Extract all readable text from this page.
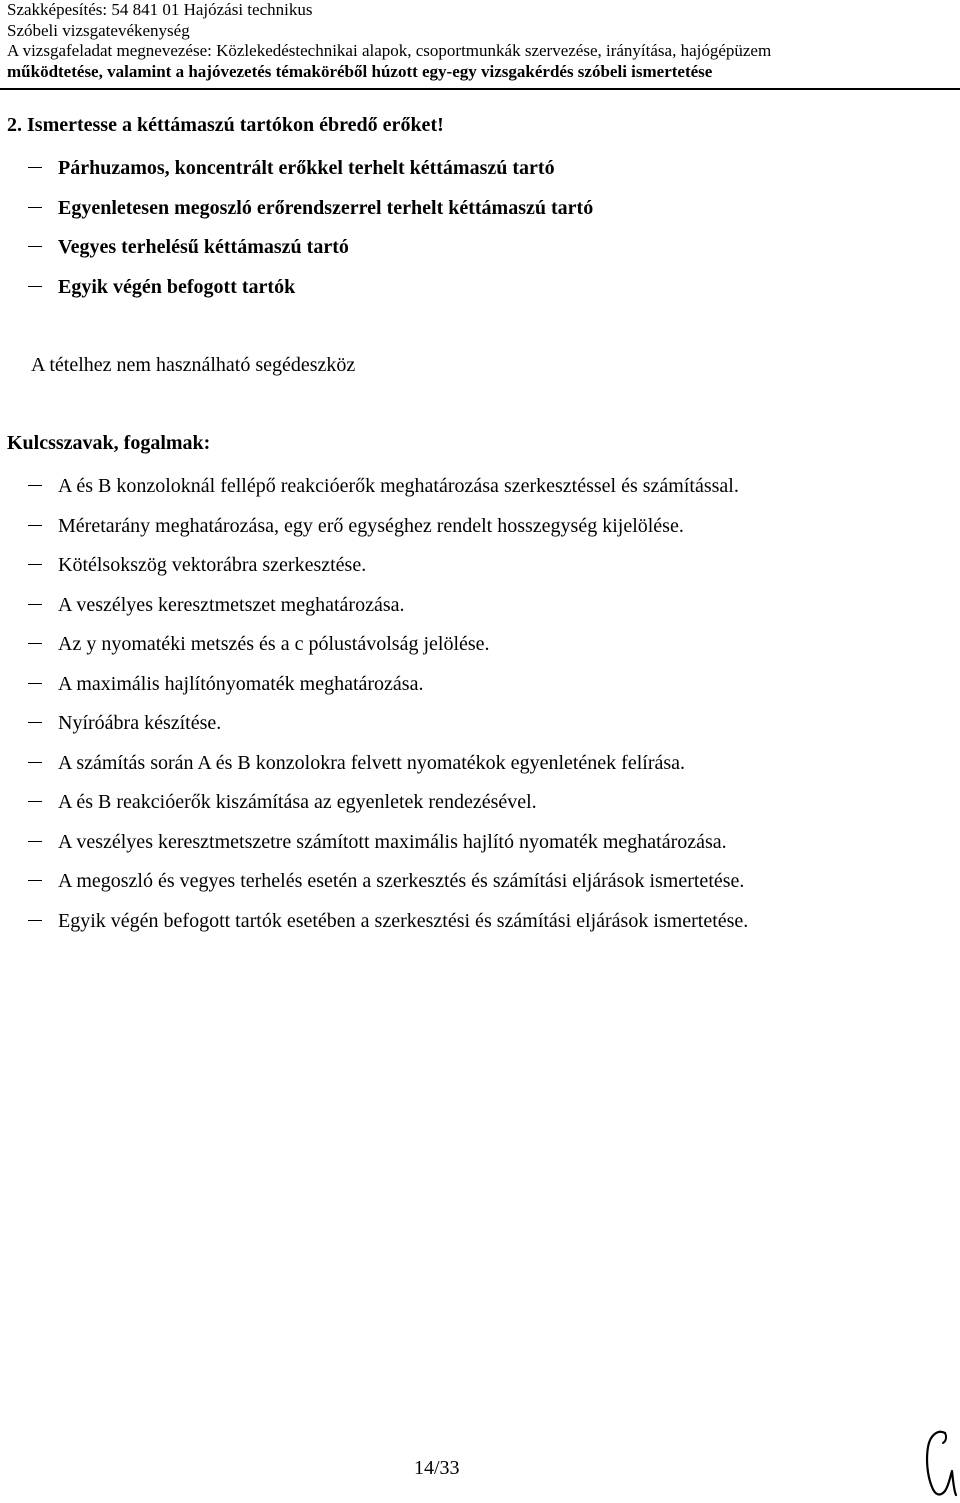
Szakképesítés: 54 841 01 Hajózási technikus
Szóbeli vizsgatevékenység
A vizsgafeladat megnevezése: Közlekedéstechnikai alapok, csoportmunkák szervezése, irányítása, hajógépüzem
működtetése, valamint a hajóvezetés témaköréből húzott egy-egy vizsgakérdés szóbeli ismertetése
2. Ismertesse a kéttámaszú tartókon ébredő erőket!
Párhuzamos, koncentrált erőkkel terhelt kéttámaszú tartó
Egyenletesen megoszló erőrendszerrel terhelt kéttámaszú tartó
Vegyes terhelésű kéttámaszú tartó
Egyik végén befogott tartók
A tételhez nem használható segédeszköz
Kulcsszavak, fogalmak:
A és B konzoloknál fellépő reakcióerők meghatározása szerkesztéssel és számítással.
Méretarány meghatározása, egy erő egységhez rendelt hosszegység kijelölése.
Kötélsokszög vektorábra szerkesztése.
A veszélyes keresztmetszet meghatározása.
Az y nyomatéki metszés és a c pólustávolság jelölése.
A maximális hajlítónyomaték meghatározása.
Nyíróábra készítése.
A számítás során A és B konzolokra felvett nyomatékok egyenletének felírása.
A és B reakcióerők kiszámítása az egyenletek rendezésével.
A veszélyes keresztmetszetre számított maximális hajlító nyomaték meghatározása.
A megoszló és vegyes terhelés esetén a szerkesztés és számítási eljárások ismertetése.
Egyik végén befogott tartók esetében a szerkesztési és számítási eljárások ismertetése.
14/33
